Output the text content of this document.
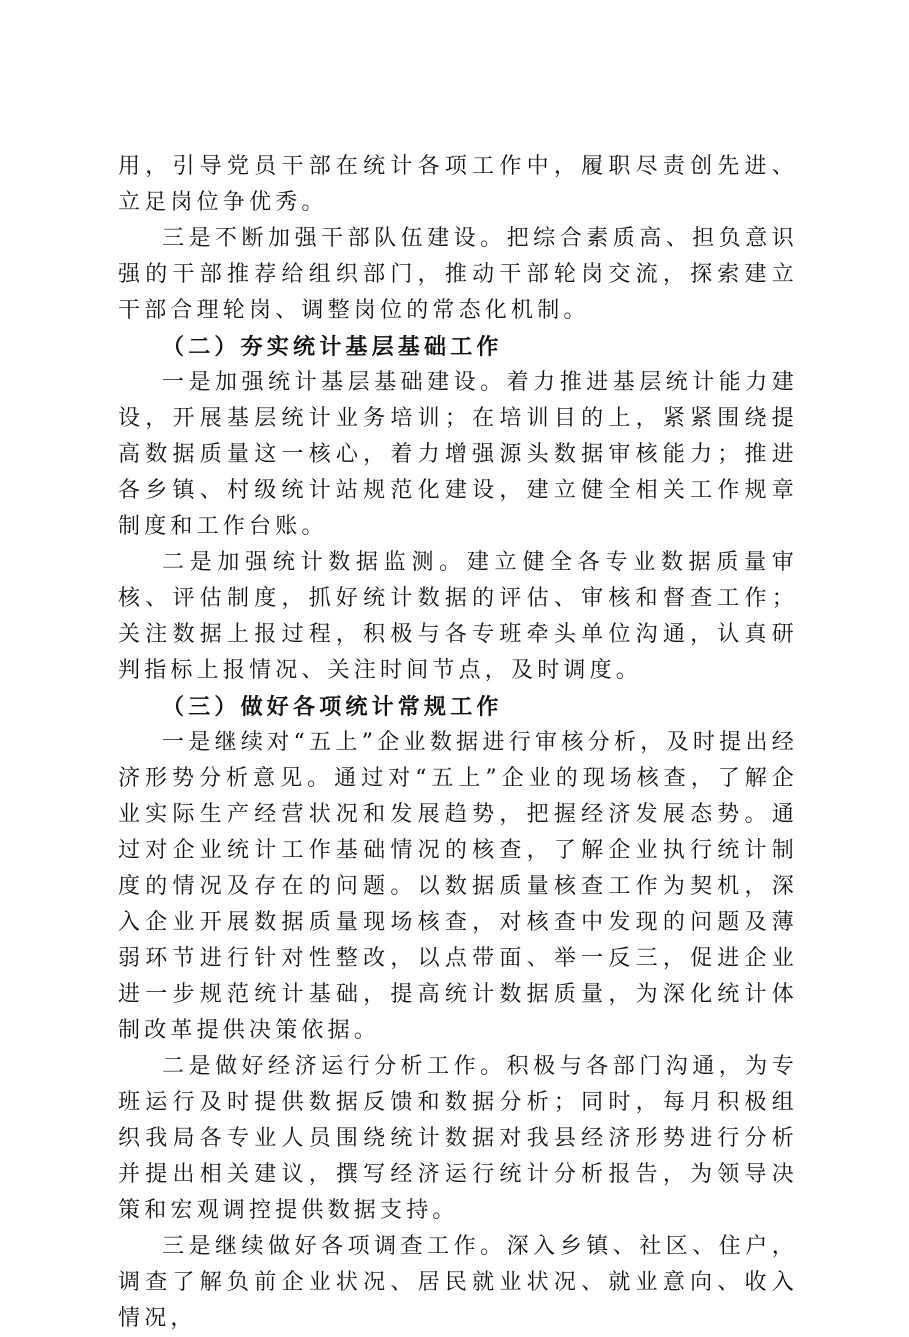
用，引导党员干部在统计各项工作中，履职尽责创先进、立足岗位争优秀。

三是不断加强干部队伍建设。把综合素质高、担负意识强的干部推荐给组织部门，推动干部轮岗交流，探索建立干部合理轮岗、调整岗位的常态化机制。

（二）夯实统计基层基础工作

一是加强统计基层基础建设。着力推进基层统计能力建设，开展基层统计业务培训；在培训目的上，紧紧围绕提高数据质量这一核心，着力增强源头数据审核能力；推进各乡镇、村级统计站规范化建设，建立健全相关工作规章制度和工作台账。

二是加强统计数据监测。建立健全各专业数据质量审核、评估制度，抓好统计数据的评估、审核和督查工作；关注数据上报过程，积极与各专班牵头单位沟通，认真研判指标上报情况、关注时间节点，及时调度。

（三）做好各项统计常规工作

一是继续对“五上”企业数据进行审核分析，及时提出经济形势分析意见。通过对“五上”企业的现场核查，了解企业实际生产经营状况和发展趋势，把握经济发展态势。通过对企业统计工作基础情况的核查，了解企业执行统计制度的情况及存在的问题。以数据质量核查工作为契机，深入企业开展数据质量现场核查，对核查中发现的问题及薄弱环节进行针对性整改，以点带面、举一反三，促进企业进一步规范统计基础，提高统计数据质量，为深化统计体制改革提供决策依据。

二是做好经济运行分析工作。积极与各部门沟通，为专班运行及时提供数据反馈和数据分析；同时，每月积极组织我局各专业人员围绕统计数据对我县经济形势进行分析并提出相关建议，撰写经济运行统计分析报告，为领导决策和宏观调控提供数据支持。

三是继续做好各项调查工作。深入乡镇、社区、住户，调查了解负前企业状况、居民就业状况、就业意向、收入情况，
